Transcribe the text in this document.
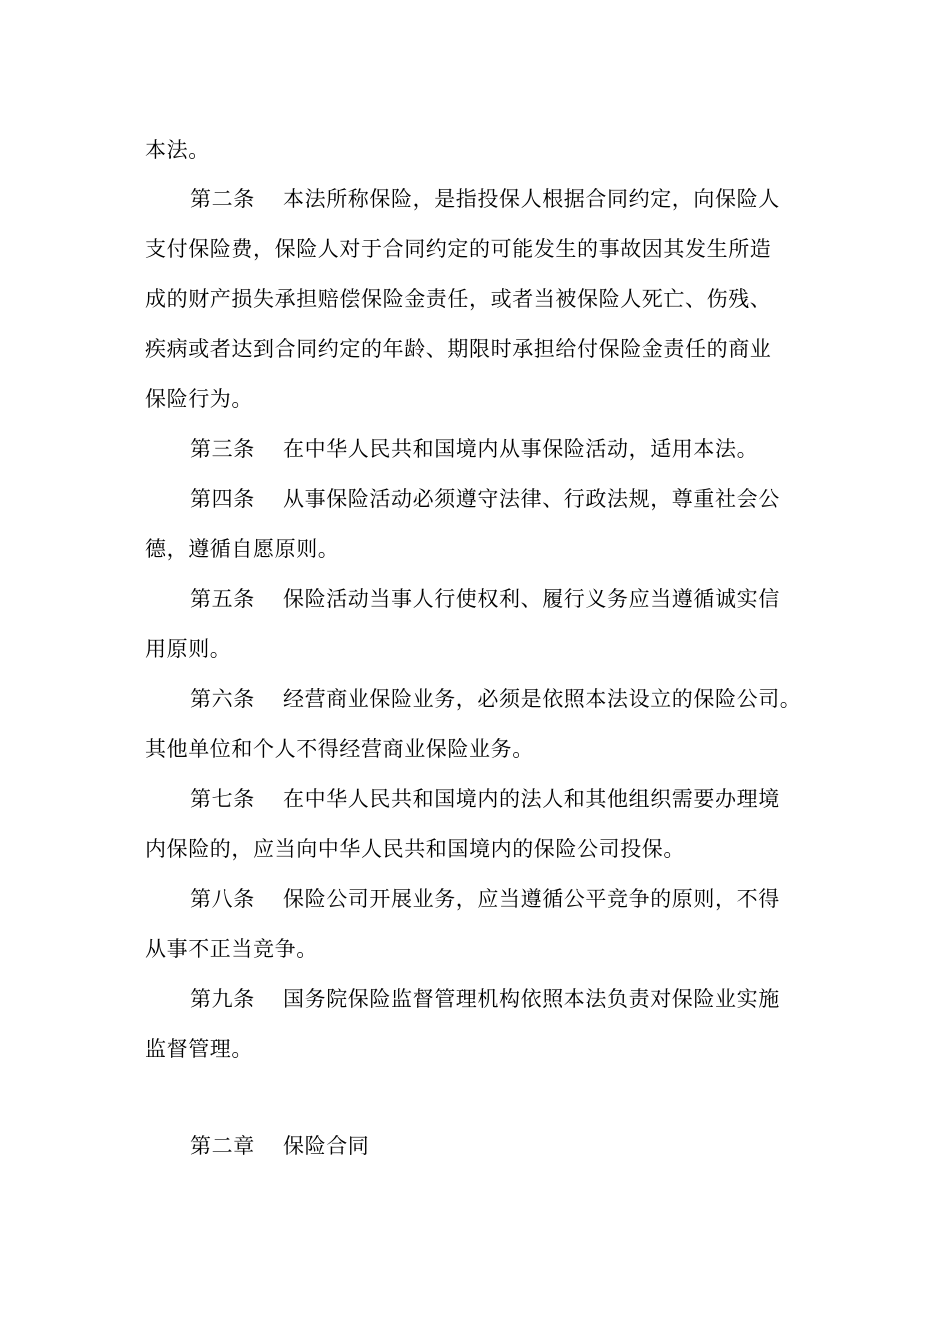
本法。
第二条 本法所称保险，是指投保人根据合同约定，向保险人
支付保险费，保险人对于合同约定的可能发生的事故因其发生所造
成的财产损失承担赔偿保险金责任，或者当被保险人死亡、伤残、
疾病或者达到合同约定的年龄、期限时承担给付保险金责任的商业
保险行为。
第三条 在中华人民共和国境内从事保险活动，适用本法。
第四条 从事保险活动必须遵守法律、行政法规，尊重社会公
德，遵循自愿原则。
第五条 保险活动当事人行使权利、履行义务应当遵循诚实信
用原则。
第六条 经营商业保险业务，必须是依照本法设立的保险公司。
其他单位和个人不得经营商业保险业务。
第七条 在中华人民共和国境内的法人和其他组织需要办理境
内保险的，应当向中华人民共和国境内的保险公司投保。
第八条 保险公司开展业务，应当遵循公平竞争的原则，不得
从事不正当竞争。
第九条 国务院保险监督管理机构依照本法负责对保险业实施
监督管理。
第二章 保险合同
